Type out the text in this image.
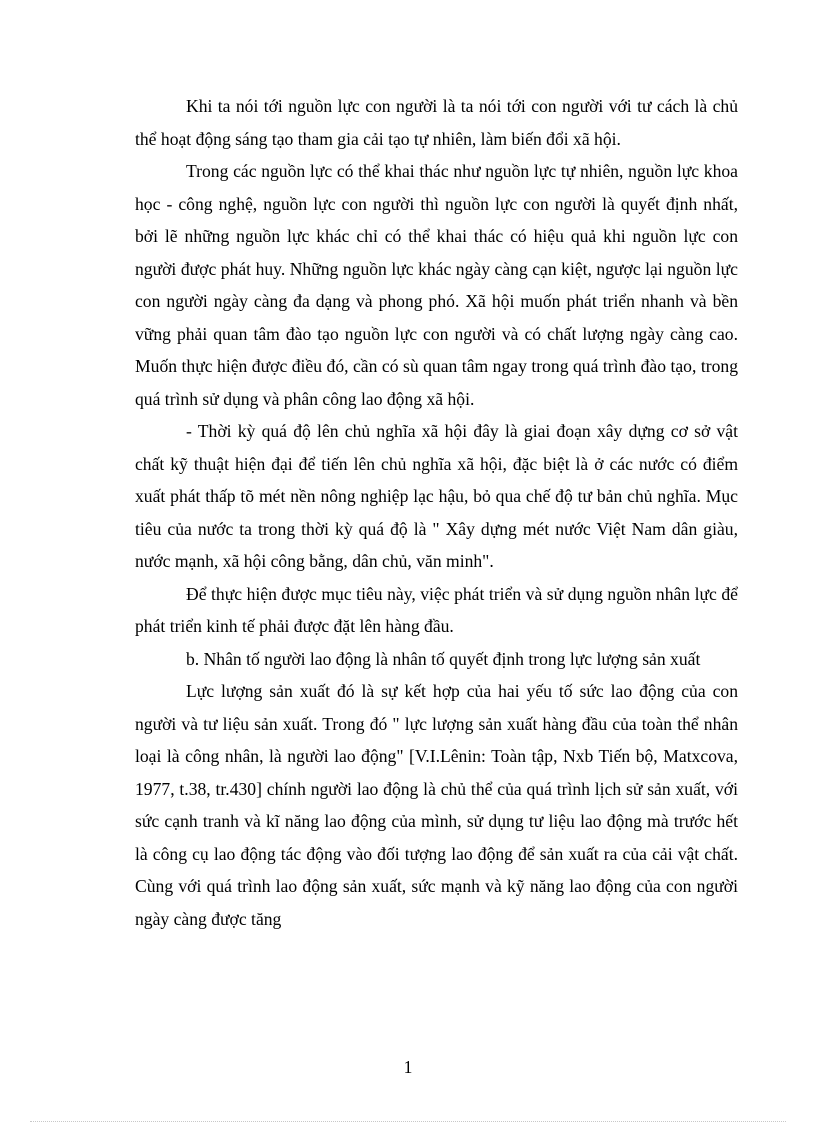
Khi ta nói tới nguồn lực con người là ta nói tới con người với tư cách là chủ thể hoạt động sáng tạo tham gia cải tạo tự nhiên, làm biến đổi xã hội.

Trong các nguồn lực có thể khai thác như nguồn lực tự nhiên, nguồn lực khoa học - công nghệ, nguồn lực con người thì nguồn lực con người là quyết định nhất, bởi lẽ những nguồn lực khác chỉ có thể khai thác có hiệu quả khi nguồn lực con người được phát huy. Những nguồn lực khác ngày càng cạn kiệt, ngược lại nguồn lực con người ngày càng đa dạng và phong phó. Xã hội muốn phát triển nhanh và bền vững phải quan tâm đào tạo nguồn lực con người và có chất lượng ngày càng cao. Muốn thực hiện được điều đó, cần có sù quan tâm ngay trong quá trình đào tạo, trong quá trình sử dụng và phân công lao động xã hội.

- Thời kỳ quá độ lên chủ nghĩa xã hội đây là giai đoạn xây dựng cơ sở vật chất kỹ thuật hiện đại để tiến lên chủ nghĩa xã hội, đặc biệt là ở các nước có điểm xuất phát thấp tõ mét nền nông nghiệp lạc hậu, bỏ qua chế độ tư bản chủ nghĩa. Mục tiêu của nước ta trong thời kỳ quá độ là " Xây dựng mét nước Việt Nam dân giàu, nước mạnh, xã hội công bằng, dân chủ, văn minh".

Để thực hiện được mục tiêu này, việc phát triển và sử dụng nguồn nhân lực để phát triển kinh tế phải được đặt lên hàng đầu.

b. Nhân tố người lao động là nhân tố quyết định trong lực lượng sản xuất

Lực lượng sản xuất đó là sự kết hợp của hai yếu tố sức lao động của con người và tư liệu sản xuất. Trong đó " lực lượng sản xuất hàng đầu của toàn thể nhân loại là công nhân, là người lao động" [V.I.Lênin: Toàn tập, Nxb Tiến bộ, Matxcova, 1977, t.38, tr.430] chính người lao động là chủ thể của quá trình lịch sử sản xuất, với sức cạnh tranh và kĩ năng lao động của mình, sử dụng tư liệu lao động mà trước hết là công cụ lao động tác động vào đối tượng lao động để sản xuất ra của cải vật chất. Cùng với quá trình lao động sản xuất, sức mạnh và kỹ năng lao động của con người ngày càng được tăng

1
